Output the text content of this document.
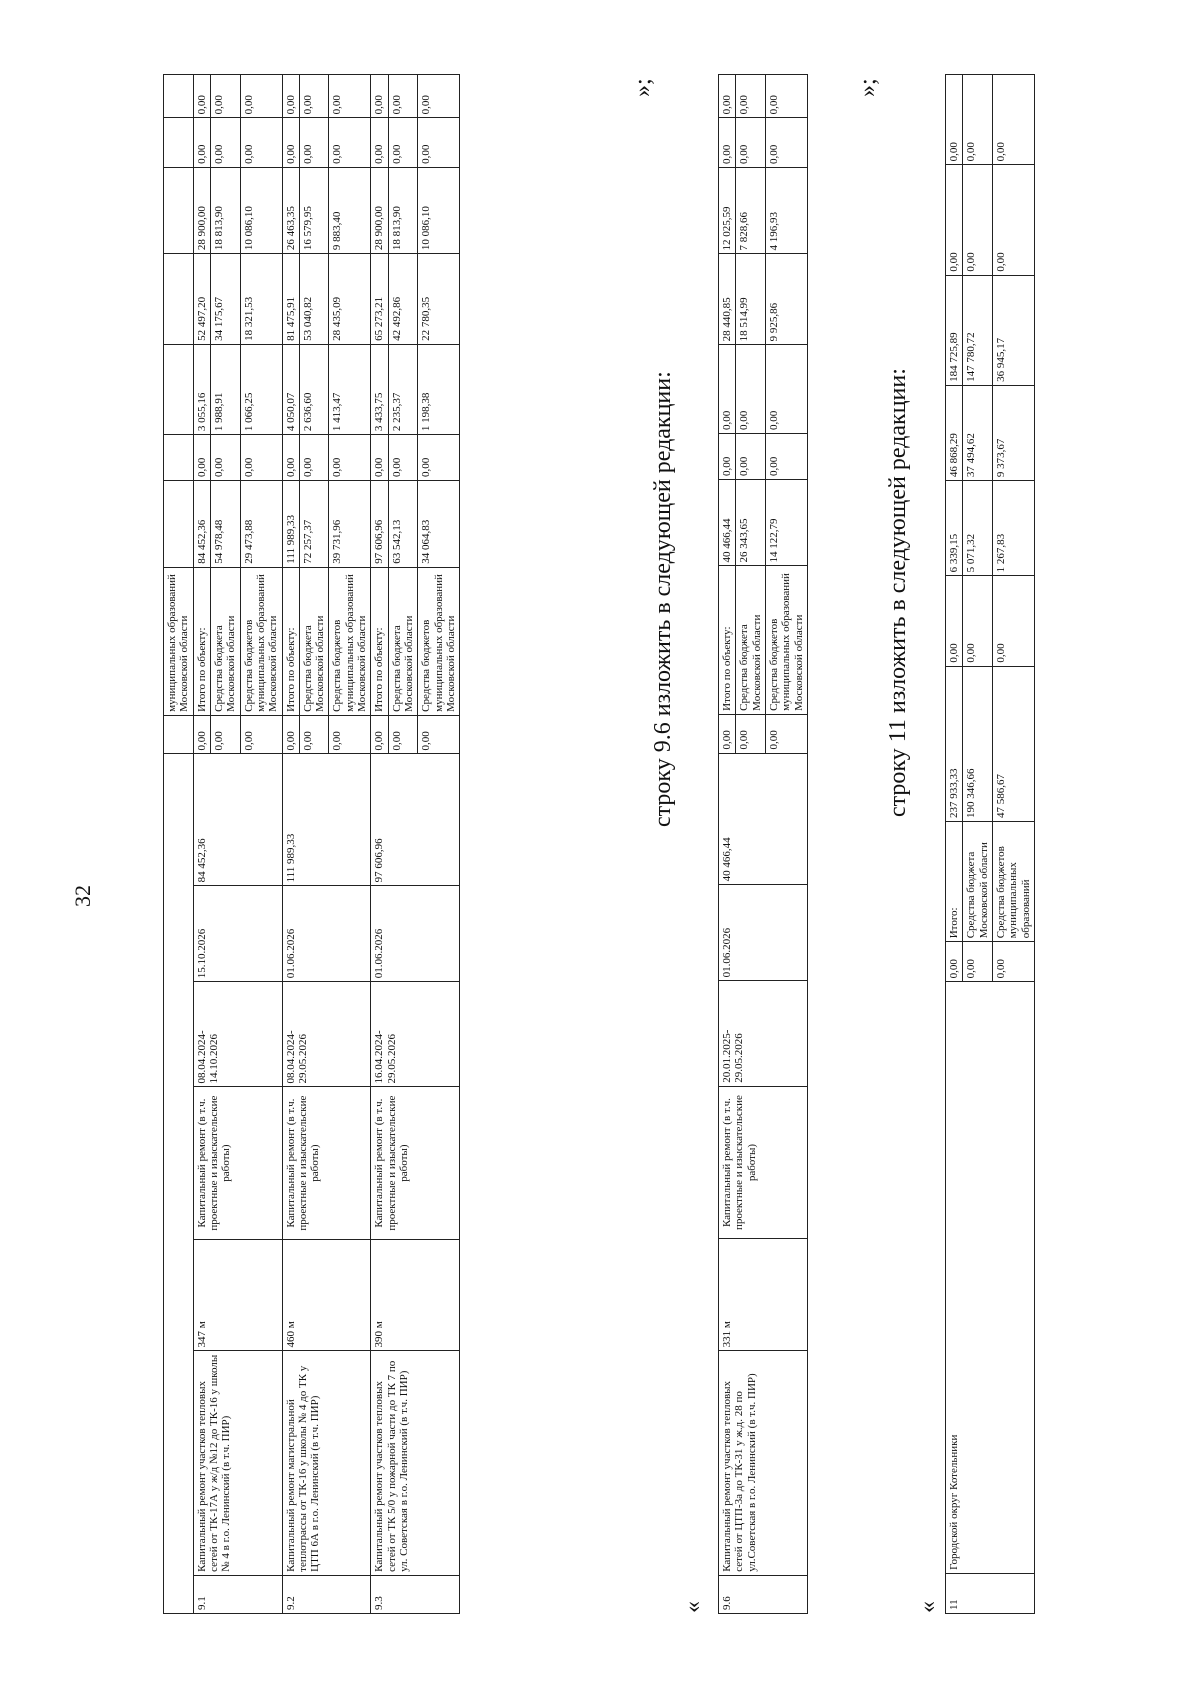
32
								муниципальных образований Московской области							
9.1	Капитальный ремонт участков тепловых сетей от ТК-17А у ж/д №12 до ТК-16 у школы № 4 в г.о. Ленинский (в т.ч. ПИР)	347 м	Капитальный ремонт (в т.ч. проектные и изыскательские работы)	08.04.2024-14.10.2026	15.10.2026	84 452,36	0,00	Итого по объекту:	84 452,36	0,00	3 055,16	52 497,20	28 900,00	0,00	0,00
							0,00	Средства бюджета Московской области	54 978,48	0,00	1 988,91	34 175,67	18 813,90	0,00	0,00
							0,00	Средства бюджетов муниципальных образований Московской области	29 473,88	0,00	1 066,25	18 321,53	10 086,10	0,00	0,00
9.2	Капитальный ремонт магистральной теплотрассы от ТК-16 у школы № 4 до ТК у ЦТП 6А в г.о. Ленинский (в т.ч. ПИР)	460 м	Капитальный ремонт (в т.ч. проектные и изыскательские работы)	08.04.2024-29.05.2026	01.06.2026	111 989,33	0,00	Итого по объекту:	111 989,33	0,00	4 050,07	81 475,91	26 463,35	0,00	0,00
							0,00	Средства бюджета Московской области	72 257,37	0,00	2 636,60	53 040,82	16 579,95	0,00	0,00
							0,00	Средства бюджетов муниципальных образований Московской области	39 731,96	0,00	1 413,47	28 435,09	9 883,40	0,00	0,00
9.3	Капитальный ремонт участков тепловых сетей от ТК 5/0 у пожарной части до ТК 7 по ул. Советская в г.о. Ленинский (в т.ч. ПИР)	390 м	Капитальный ремонт (в т.ч. проектные и изыскательские работы)	16.04.2024-29.05.2026	01.06.2026	97 606,96	0,00	Итого по объекту:	97 606,96	0,00	3 433,75	65 273,21	28 900,00	0,00	0,00
							0,00	Средства бюджета Московской области	63 542,13	0,00	2 235,37	42 492,86	18 813,90	0,00	0,00
							0,00	Средства бюджетов муниципальных образований Московской области	34 064,83	0,00	1 198,38	22 780,35	10 086,10	0,00	0,00
»;
строку 9.6 изложить в следующей редакции:
« 9.6	Капитальный ремонт участков тепловых сетей от ЦТП-3а до ТК-31 у ж.д. 28 по ул.Советская в г.о. Ленинский (в т.ч. ПИР)	331 м	Капитальный ремонт (в т.ч. проектные и изыскательские работы)	20.01.2025-29.05.2026	01.06.2026	40 466,44	0,00	Итого по объекту:	40 466,44	0,00	0,00	28 440,85	12 025,59	0,00	0,00
							0,00	Средства бюджета Московской области	26 343,65	0,00	0,00	18 514,99	7 828,66	0,00	0,00
							0,00	Средства бюджетов муниципальных образований Московской области	14 122,79	0,00	0,00	9 925,86	4 196,93	0,00	0,00
»;
строку 11 изложить в следующей редакции:
« 11	Городской округ Котельники	0,00	Итого:	237 933,33	0,00	6 339,15	46 868,29	184 725,89	0,00	0,00
		0,00	Средства бюджета Московской области	190 346,66	0,00	5 071,32	37 494,62	147 780,72	0,00	0,00
		0,00	Средства бюджетов муниципальных образований	47 586,67	0,00	1 267,83	9 373,67	36 945,17	0,00	0,00
